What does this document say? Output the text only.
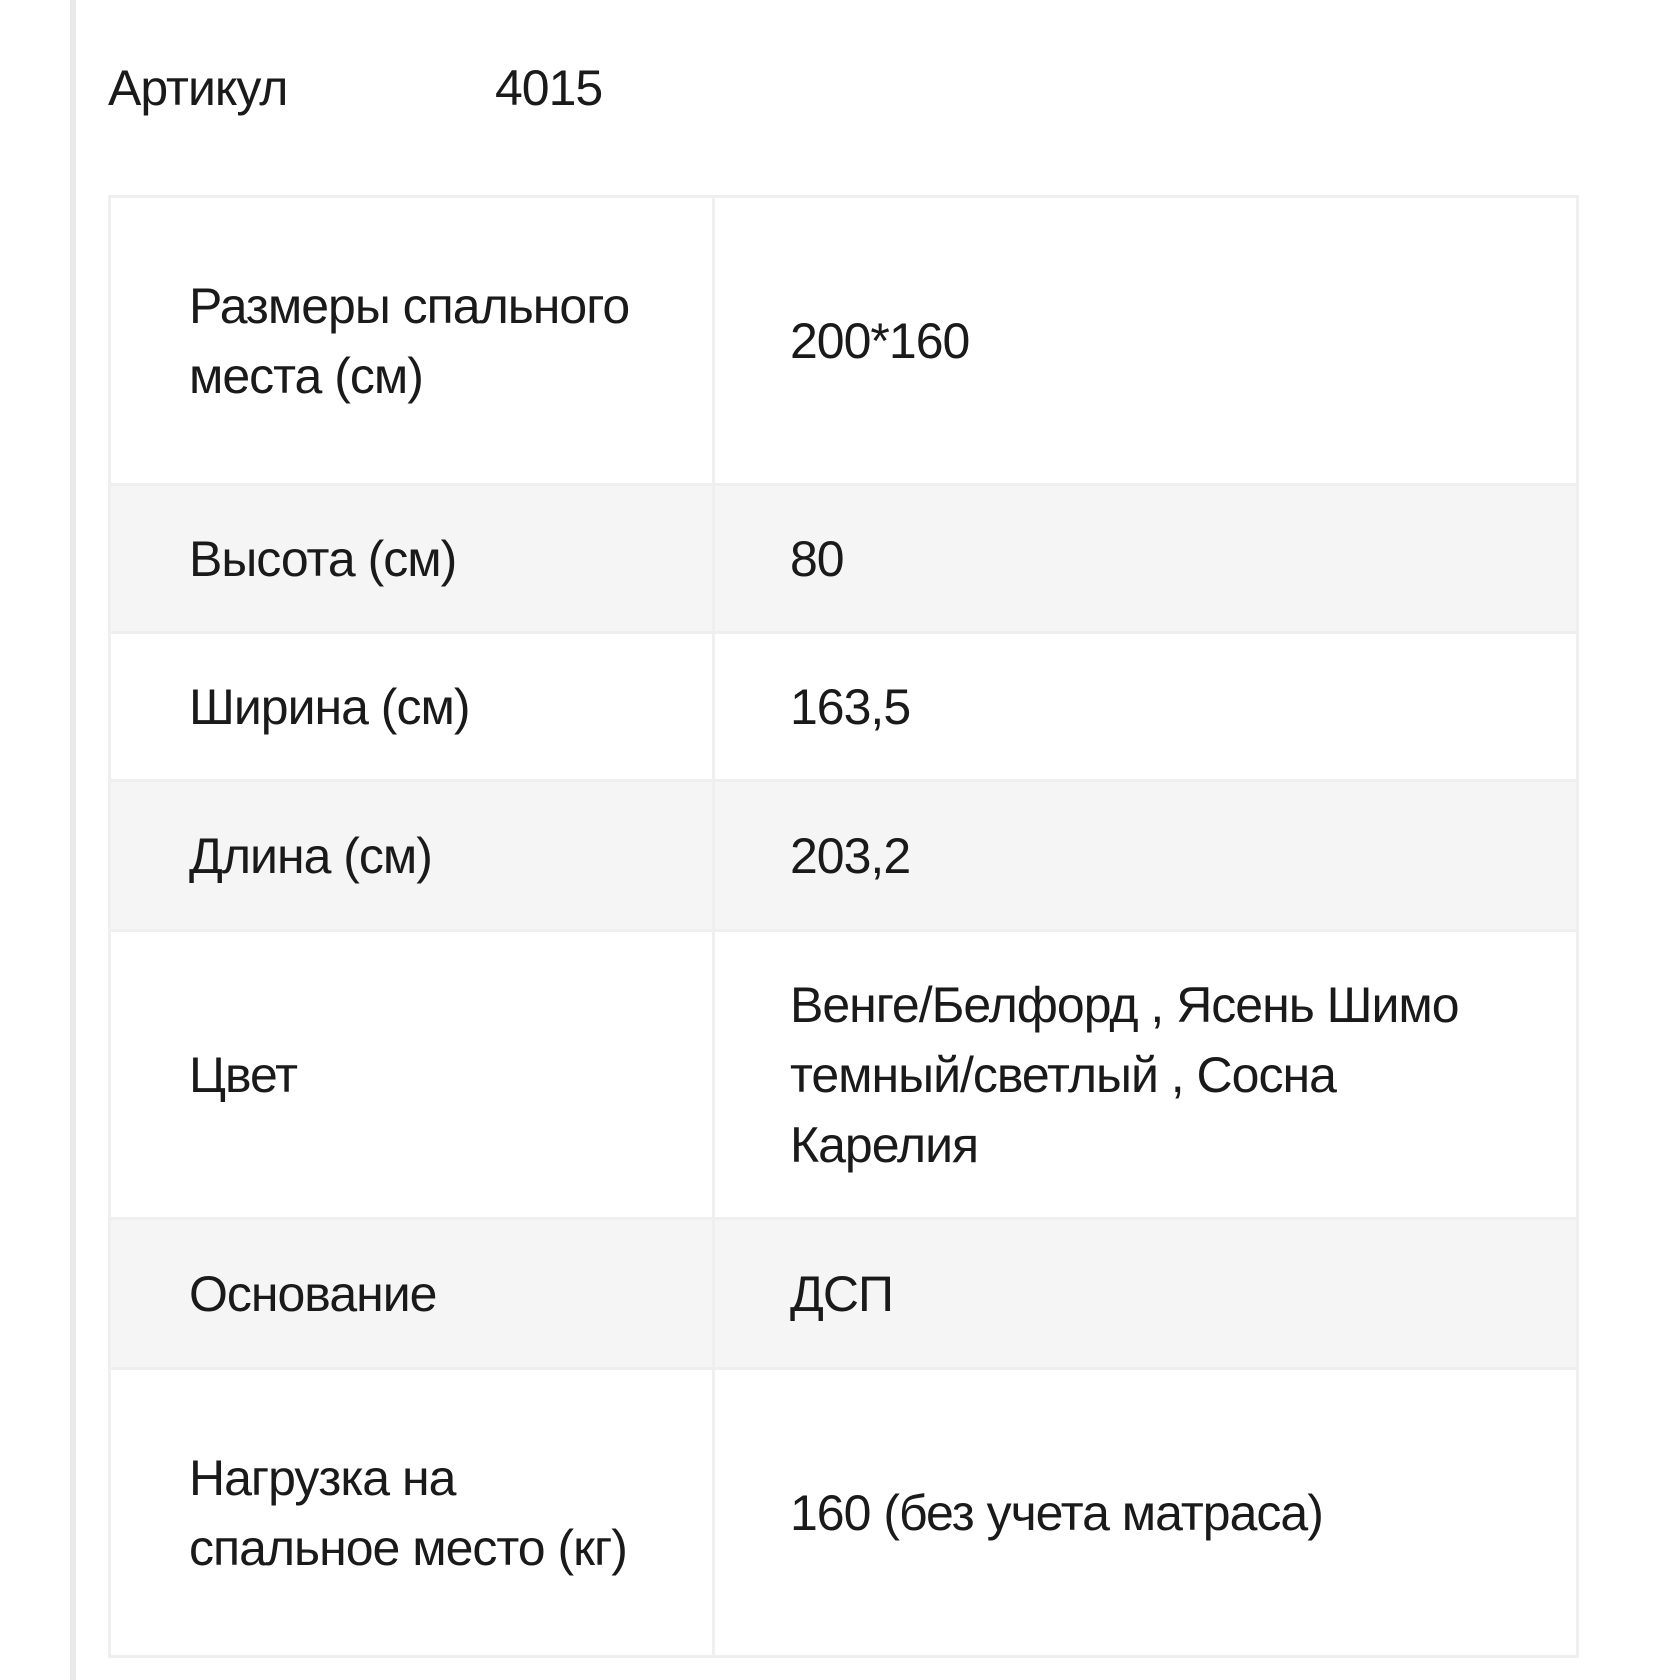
Артикул	4015
Размеры спального места (см)	200*160
Высота (см)	80
Ширина (см)	163,5
Длина (см)	203,2
Цвет	Венге/Белфорд , Ясень Шимо темный/светлый , Сосна Карелия
Основание	ДСП
Нагрузка на спальное место (кг)	160 (без учета матраса)
